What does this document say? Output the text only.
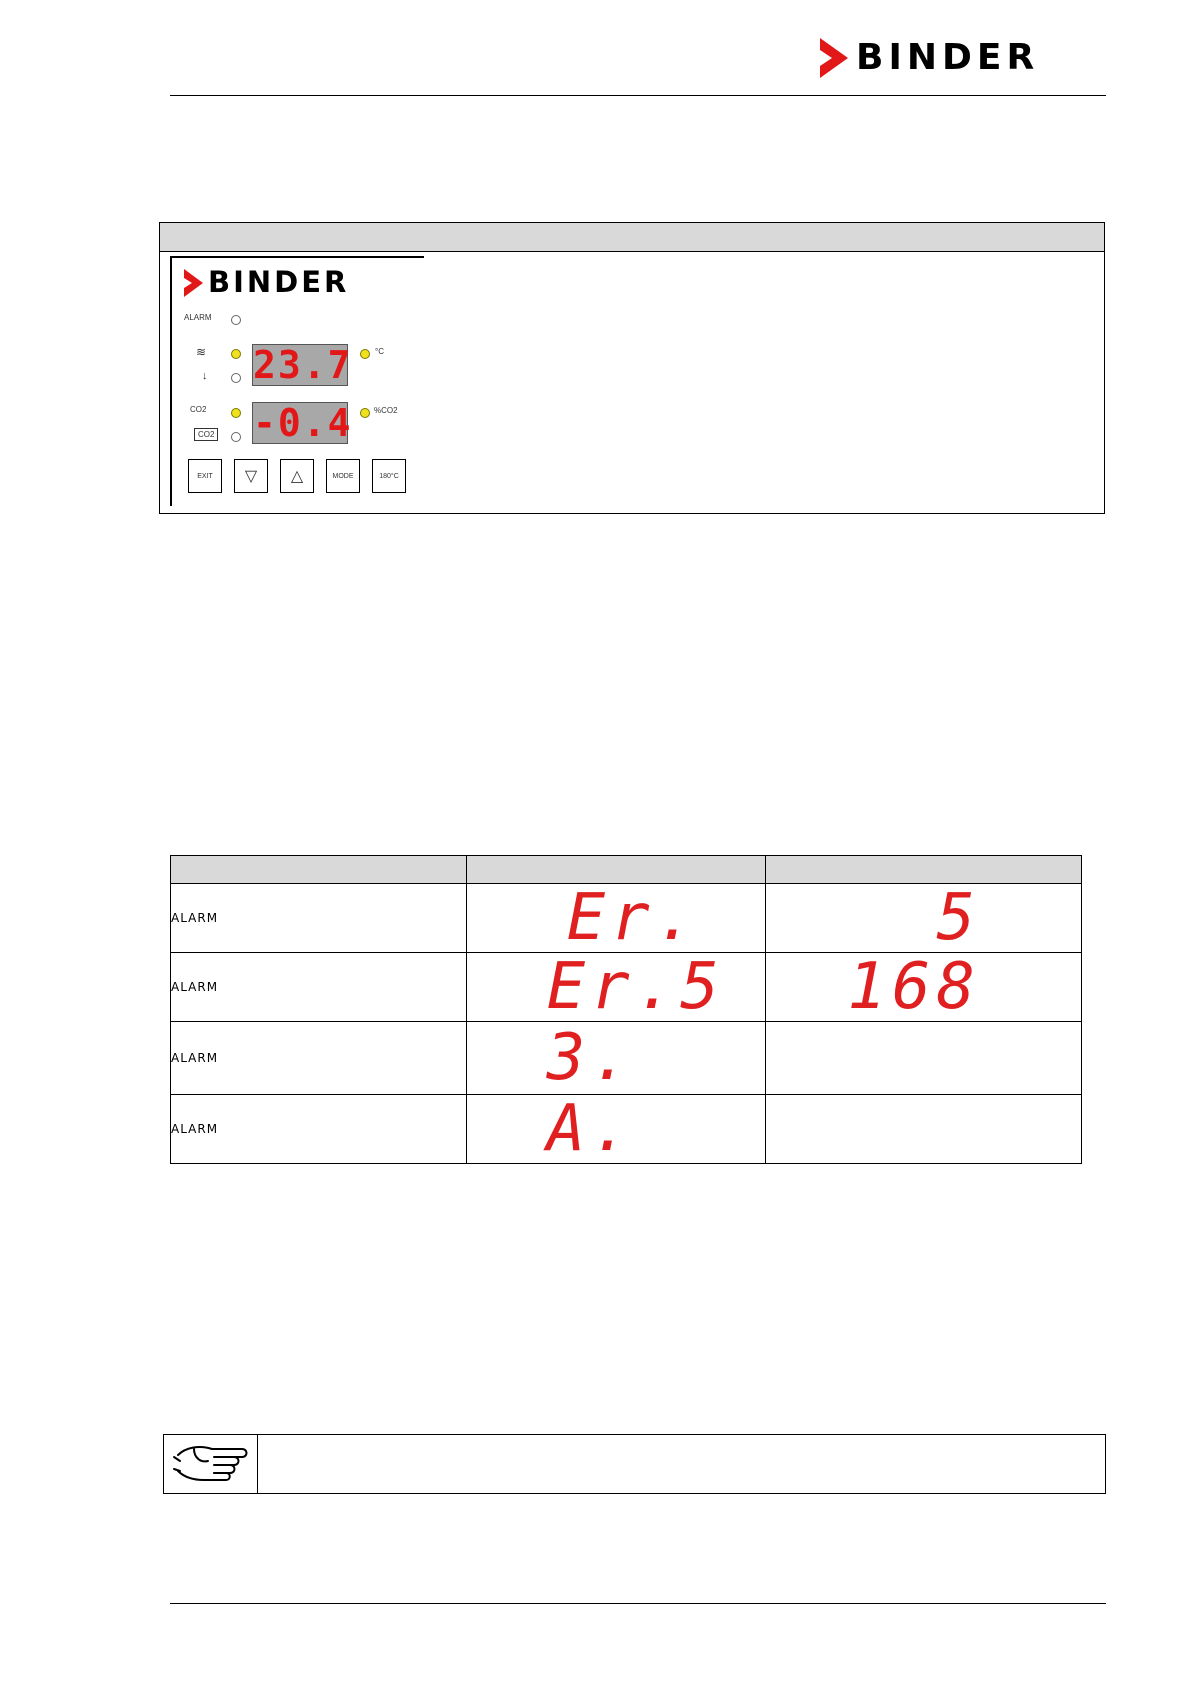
BINDER
BINDER
ALARM
≋
↓ 23.7	°C
CO2
CO2 -0.4	%CO2
EXIT	▽	△	MODE	180°C

ALARM	Er.	5
ALARM	Er.5	168
ALARM	3.	
ALARM	A.	
